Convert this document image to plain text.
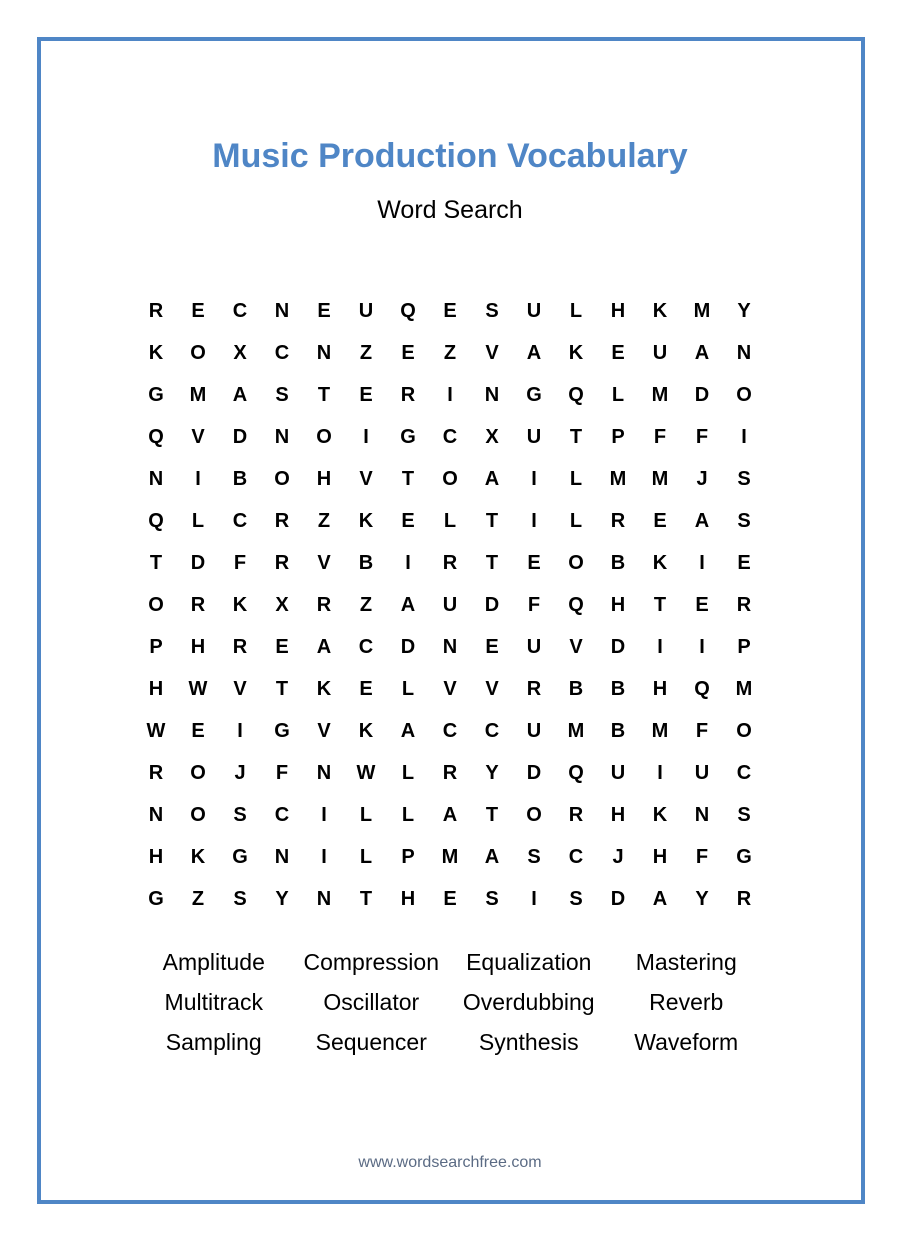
Music Production Vocabulary
Word Search
R	E	C	N	E	U	Q	E	S	U	L	H	K	M	Y
K	O	X	C	N	Z	E	Z	V	A	K	E	U	A	N
G	M	A	S	T	E	R	I	N	G	Q	L	M	D	O
Q	V	D	N	O	I	G	C	X	U	T	P	F	F	I
N	I	B	O	H	V	T	O	A	I	L	M	M	J	S
Q	L	C	R	Z	K	E	L	T	I	L	R	E	A	S
T	D	F	R	V	B	I	R	T	E	O	B	K	I	E
O	R	K	X	R	Z	A	U	D	F	Q	H	T	E	R
P	H	R	E	A	C	D	N	E	U	V	D	I	I	P
H	W	V	T	K	E	L	V	V	R	B	B	H	Q	M
W	E	I	G	V	K	A	C	C	U	M	B	M	F	O
R	O	J	F	N	W	L	R	Y	D	Q	U	I	U	C
N	O	S	C	I	L	L	A	T	O	R	H	K	N	S
H	K	G	N	I	L	P	M	A	S	C	J	H	F	G
G	Z	S	Y	N	T	H	E	S	I	S	D	A	Y	R
Amplitude	Compression	Equalization	Mastering
Multitrack	Oscillator	Overdubbing	Reverb
Sampling	Sequencer	Synthesis	Waveform
www.wordsearchfree.com
